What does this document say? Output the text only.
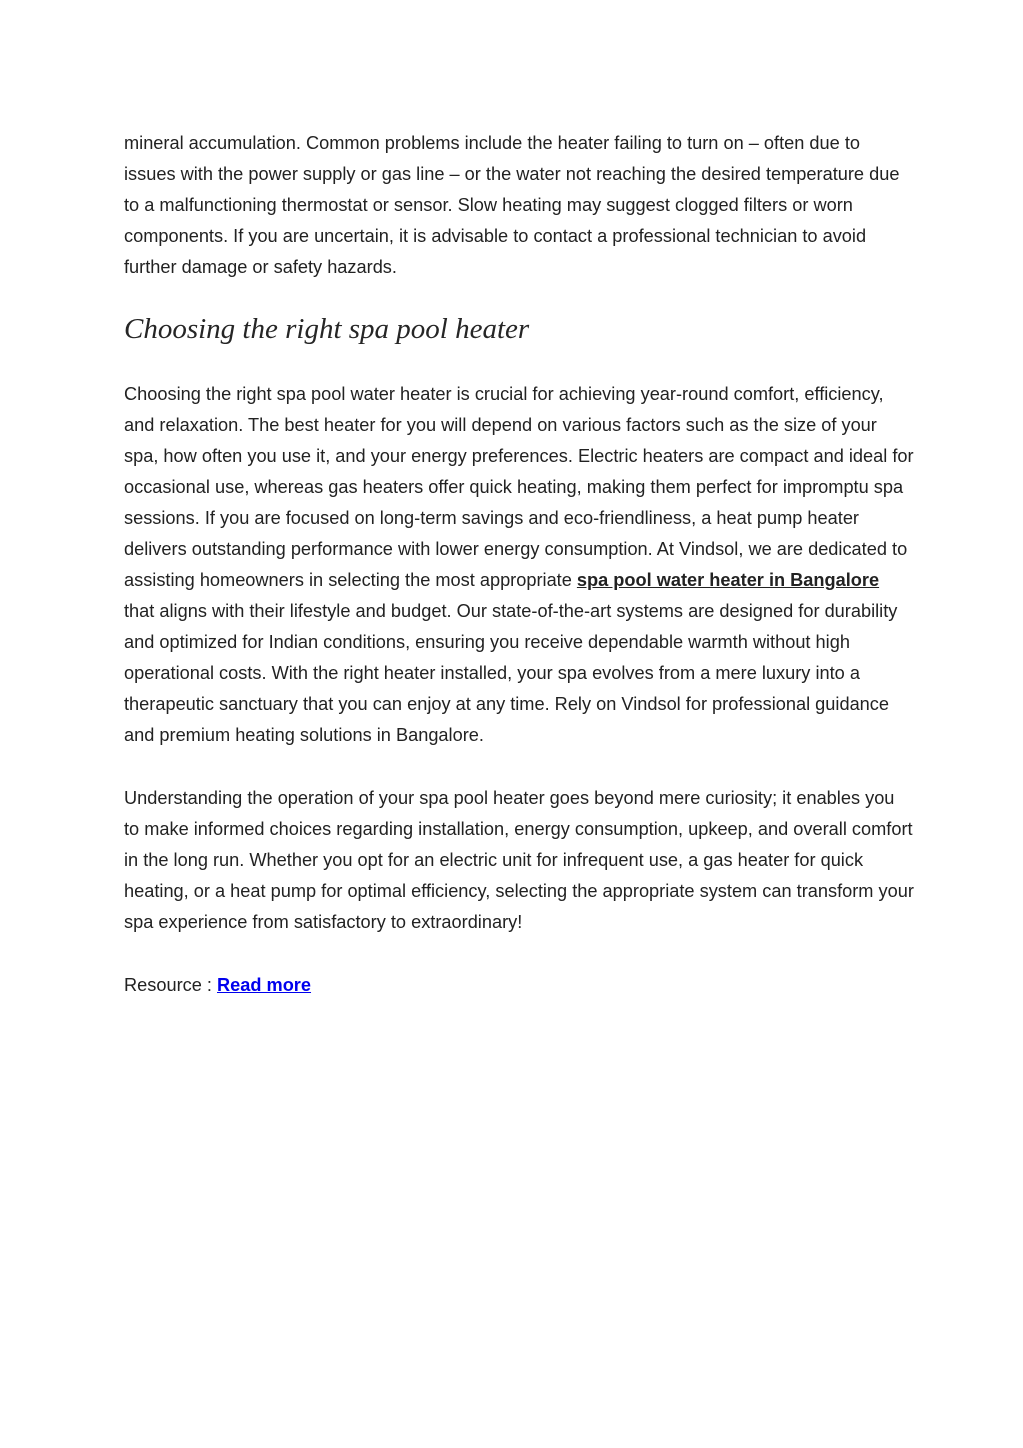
mineral accumulation. Common problems include the heater failing to turn on – often due to issues with the power supply or gas line – or the water not reaching the desired temperature due to a malfunctioning thermostat or sensor. Slow heating may suggest clogged filters or worn components. If you are uncertain, it is advisable to contact a professional technician to avoid further damage or safety hazards.

Choosing the right spa pool heater

Choosing the right spa pool water heater is crucial for achieving year-round comfort, efficiency, and relaxation. The best heater for you will depend on various factors such as the size of your spa, how often you use it, and your energy preferences. Electric heaters are compact and ideal for occasional use, whereas gas heaters offer quick heating, making them perfect for impromptu spa sessions. If you are focused on long-term savings and eco-friendliness, a heat pump heater delivers outstanding performance with lower energy consumption. At Vindsol, we are dedicated to assisting homeowners in selecting the most appropriate spa pool water heater in Bangalore that aligns with their lifestyle and budget. Our state-of-the-art systems are designed for durability and optimized for Indian conditions, ensuring you receive dependable warmth without high operational costs. With the right heater installed, your spa evolves from a mere luxury into a therapeutic sanctuary that you can enjoy at any time. Rely on Vindsol for professional guidance and premium heating solutions in Bangalore.

Understanding the operation of your spa pool heater goes beyond mere curiosity; it enables you to make informed choices regarding installation, energy consumption, upkeep, and overall comfort in the long run. Whether you opt for an electric unit for infrequent use, a gas heater for quick heating, or a heat pump for optimal efficiency, selecting the appropriate system can transform your spa experience from satisfactory to extraordinary!

Resource : Read more
